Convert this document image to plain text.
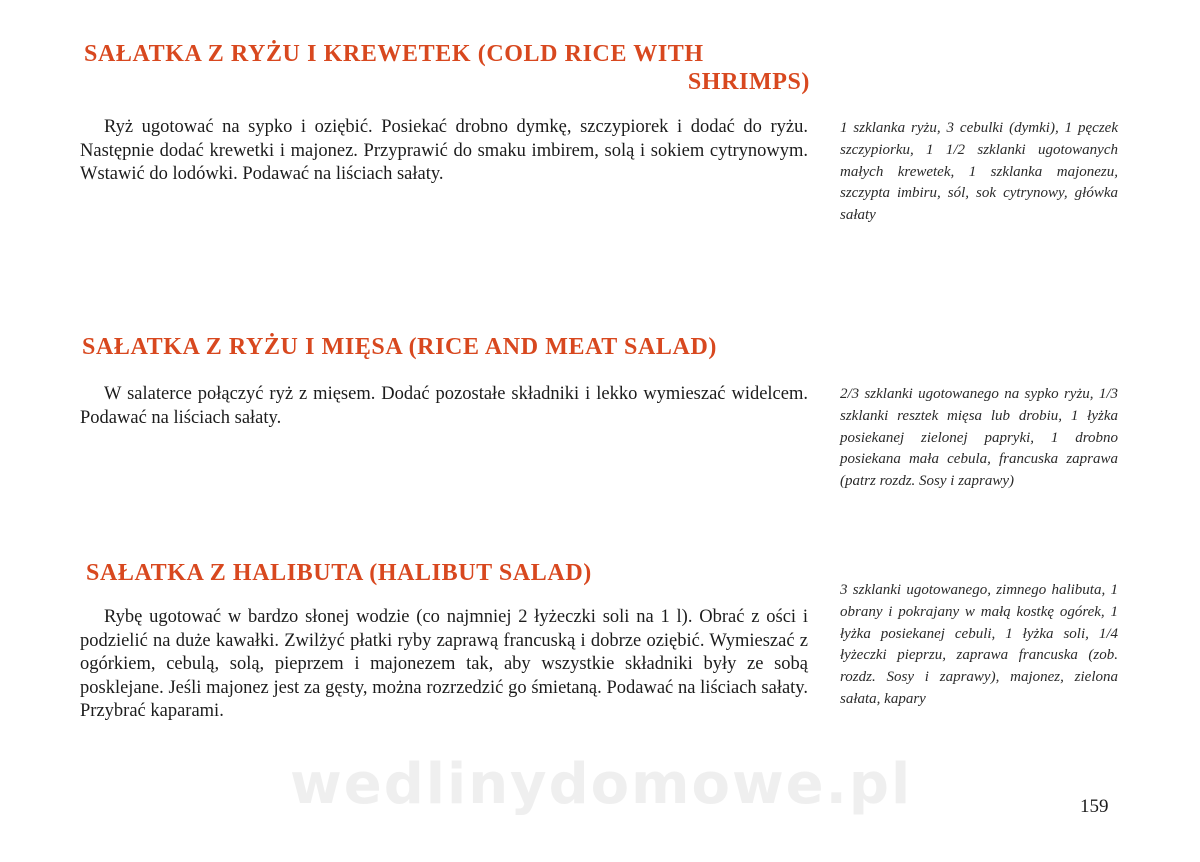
SAŁATKA Z RYŻU I KREWETEK (COLD RICE WITH
SHRIMPS)

Ryż ugotować na sypko i oziębić. Posiekać drobno dymkę, szczypiorek i dodać do ryżu. Następnie dodać krewetki i majonez. Przyprawić do smaku imbirem, solą i sokiem cytrynowym. Wstawić do lodówki. Podawać na liściach sałaty.

1 szklanka ryżu, 3 cebulki (dymki), 1 pęczek szczypiorku, 1 1/2 szklanki ugotowanych małych krewetek, 1 szklanka majonezu, szczypta imbiru, sól, sok cytrynowy, główka sałaty

SAŁATKA Z RYŻU I MIĘSA (RICE AND MEAT SALAD)

W salaterce połączyć ryż z mięsem. Dodać pozostałe składniki i lekko wymieszać widelcem. Podawać na liściach sałaty.

2/3 szklanki ugotowanego na sypko ryżu, 1/3 szklanki resztek mięsa lub drobiu, 1 łyżka posiekanej zielonej papryki, 1 drobno posiekana mała cebula, francuska zaprawa (patrz rozdz. Sosy i zaprawy)

SAŁATKA Z HALIBUTA (HALIBUT SALAD)

Rybę ugotować w bardzo słonej wodzie (co najmniej 2 łyżeczki soli na 1 l). Obrać z ości i podzielić na duże kawałki. Zwilżyć płatki ryby zaprawą francuską i dobrze oziębić. Wymieszać z ogórkiem, cebulą, solą, pieprzem i majonezem tak, aby wszystkie składniki były ze sobą posklejane. Jeśli majonez jest za gęsty, można rozrzedzić go śmietaną. Podawać na liściach sałaty. Przybrać kaparami.

3 szklanki ugotowanego, zimnego halibuta, 1 obrany i pokrajany w małą kostkę ogórek, 1 łyżka posiekanej cebuli, 1 łyżka soli, 1/4 łyżeczki pieprzu, zaprawa francuska (zob. rozdz. Sosy i zaprawy), majonez, zielona sałata, kapary

wedlinydomowe.pl	159
